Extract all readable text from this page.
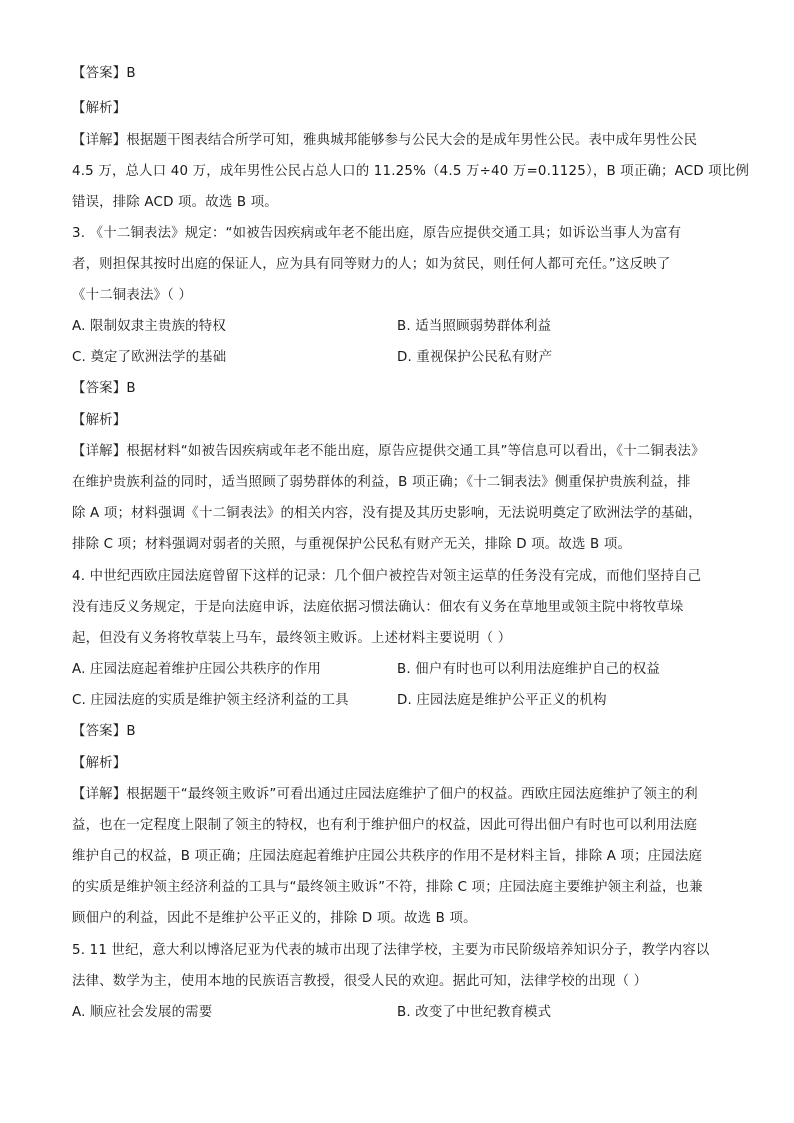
【答案】B
【解析】
【详解】根据题干图表结合所学可知，雅典城邦能够参与公民大会的是成年男性公民。表中成年男性公民
4.5 万，总人口 40 万，成年男性公民占总人口的 11.25%（4.5 万÷40 万=0.1125），B 项正确；ACD 项比例
错误，排除 ACD 项。故选 B 项。
3. 《十二铜表法》规定：“如被告因疾病或年老不能出庭，原告应提供交通工具；如诉讼当事人为富有
者，则担保其按时出庭的保证人，应为具有同等财力的人；如为贫民，则任何人都可充任。”这反映了
《十二铜表法》（ ）
A. 限制奴隶主贵族的特权	B. 适当照顾弱势群体利益
C. 奠定了欧洲法学的基础	D. 重视保护公民私有财产
【答案】B
【解析】
【详解】根据材料“如被告因疾病或年老不能出庭，原告应提供交通工具”等信息可以看出，《十二铜表法》
在维护贵族利益的同时，适当照顾了弱势群体的利益，B 项正确；《十二铜表法》侧重保护贵族利益，排
除 A 项；材料强调《十二铜表法》的相关内容，没有提及其历史影响，无法说明奠定了欧洲法学的基础，
排除 C 项；材料强调对弱者的关照，与重视保护公民私有财产无关，排除 D 项。故选 B 项。
4. 中世纪西欧庄园法庭曾留下这样的记录：几个佃户被控告对领主运草的任务没有完成，而他们坚持自己
没有违反义务规定，于是向法庭申诉，法庭依据习惯法确认：佃农有义务在草地里或领主院中将牧草垛
起，但没有义务将牧草装上马车，最终领主败诉。上述材料主要说明（ ）
A. 庄园法庭起着维护庄园公共秩序的作用	B. 佃户有时也可以利用法庭维护自己的权益
C. 庄园法庭的实质是维护领主经济利益的工具	D. 庄园法庭是维护公平正义的机构
【答案】B
【解析】
【详解】根据题干“最终领主败诉”可看出通过庄园法庭维护了佃户的权益。西欧庄园法庭维护了领主的利
益，也在一定程度上限制了领主的特权，也有利于维护佃户的权益，因此可得出佃户有时也可以利用法庭
维护自己的权益，B 项正确；庄园法庭起着维护庄园公共秩序的作用不是材料主旨，排除 A 项；庄园法庭
的实质是维护领主经济利益的工具与“最终领主败诉”不符，排除 C 项；庄园法庭主要维护领主利益，也兼
顾佃户的利益，因此不是维护公平正义的，排除 D 项。故选 B 项。
5. 11 世纪，意大利以博洛尼亚为代表的城市出现了法律学校，主要为市民阶级培养知识分子，教学内容以
法律、数学为主，使用本地的民族语言教授，很受人民的欢迎。据此可知，法律学校的出现（ ）
A. 顺应社会发展的需要	B. 改变了中世纪教育模式
